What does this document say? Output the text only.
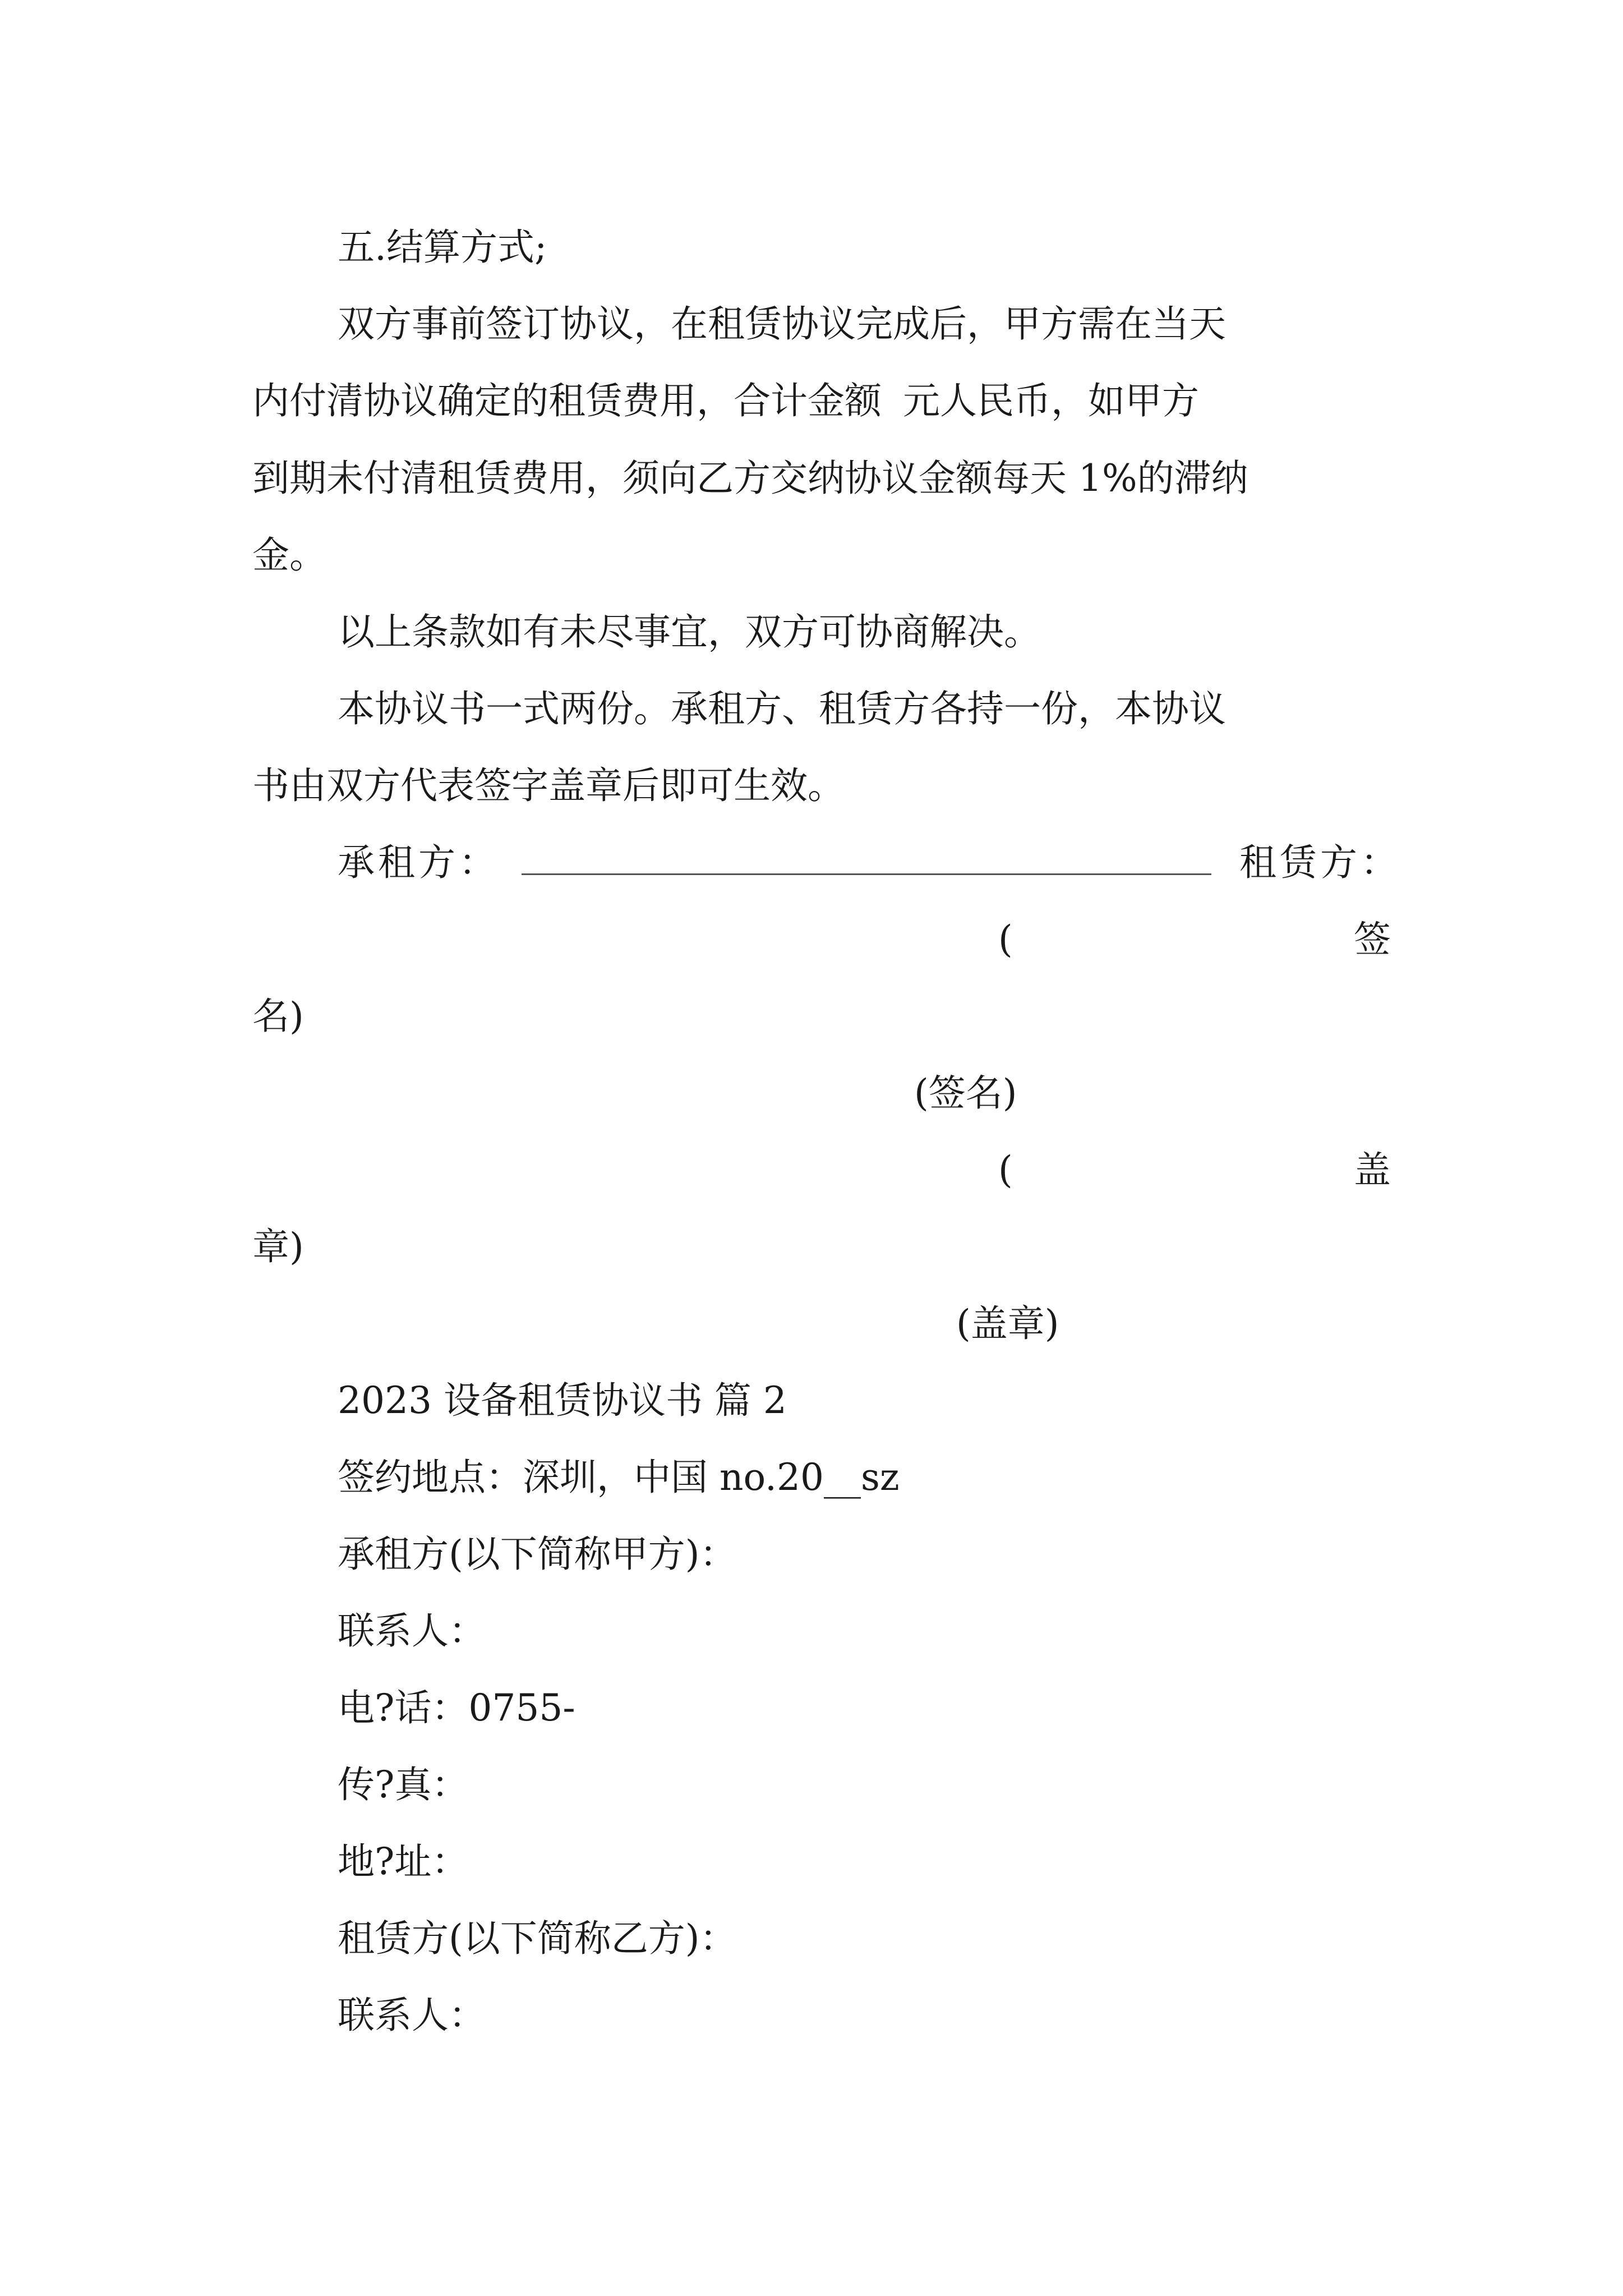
五.结算方式;
双方事前签订协议，在租赁协议完成后，甲方需在当天
内付清协议确定的租赁费用，合计金额 元人民币，如甲方
到期未付清租赁费用，须向乙方交纳协议金额每天 1%的滞纳
金。
以上条款如有未尽事宜，双方可协商解决。
本协议书一式两份。承租方、租赁方各持一份，本协议
书由双方代表签字盖章后即可生效。
承租方：	租赁方：
(	签
名)
(签名)
(	盖
章)
(盖章)
2023 设备租赁协议书 篇 2
签约地点：深圳，中国 no.20__sz
承租方(以下简称甲方)：
联系人：
电?话：0755-
传?真：
地?址：
租赁方(以下简称乙方)：
联系人：
